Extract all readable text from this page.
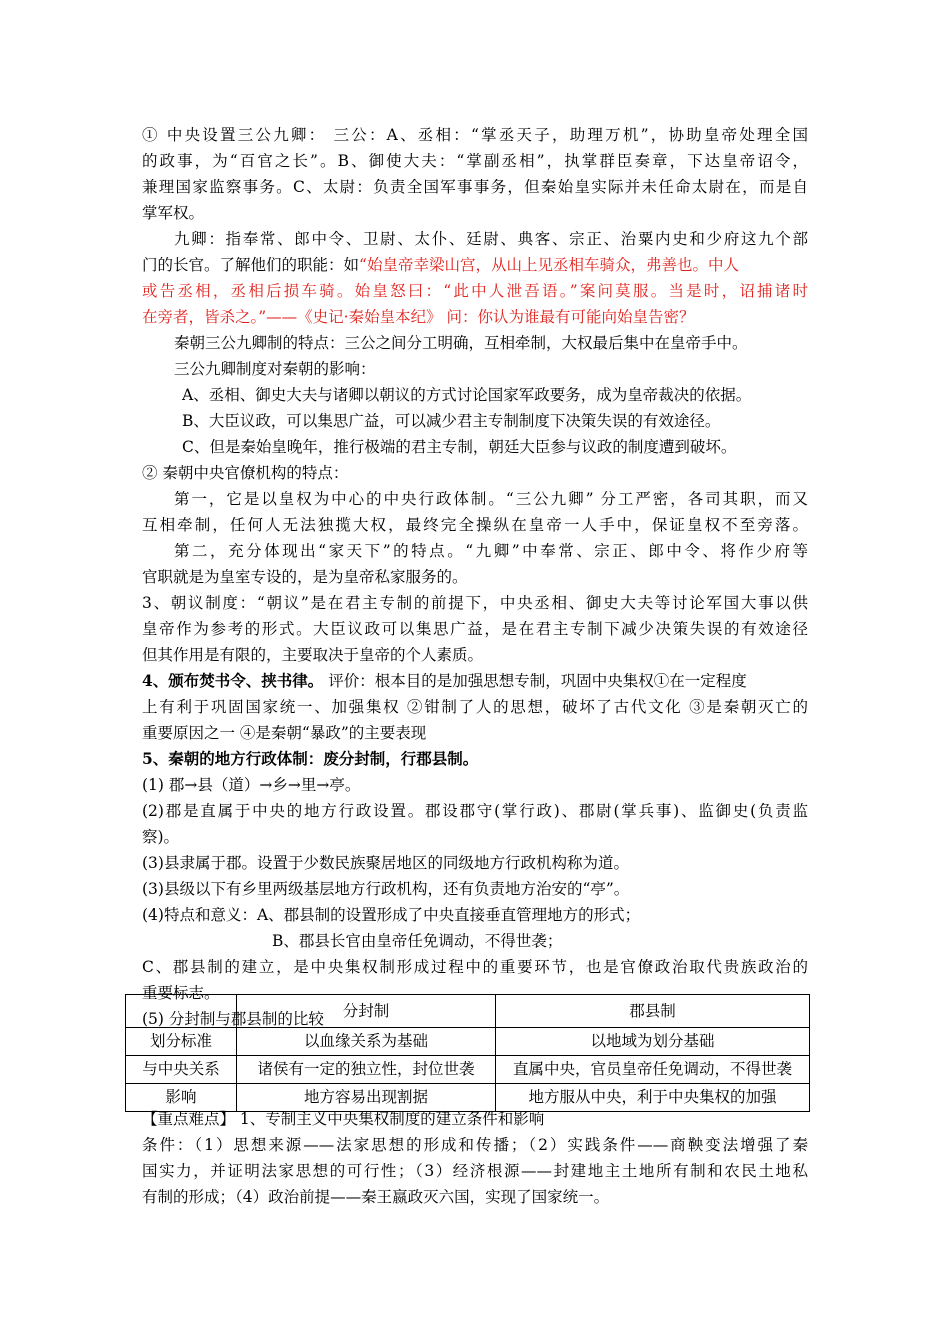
① 中央设置三公九卿： 三公：A、丞相：“掌丞天子，助理万机”，协助皇帝处理全国
的政事，为“百官之长”。B、御使大夫：“掌副丞相”，执掌群臣奏章，下达皇帝诏令，
兼理国家监察事务。C、太尉：负责全国军事事务，但秦始皇实际并未任命太尉在，而是自
掌军权。
九卿：指奉常、郎中令、卫尉、太仆、廷尉、典客、宗正、治粟内史和少府这九个部
门的长官。了解他们的职能：如“始皇帝幸梁山宫，从山上见丞相车骑众，弗善也。中人
或告丞相，丞相后损车骑。始皇怒曰：“此中人泄吾语。”案问莫服。当是时，诏捕诸时
在旁者，皆杀之。”——《史记·秦始皇本纪》 问：你认为谁最有可能向始皇告密？
秦朝三公九卿制的特点：三公之间分工明确，互相牵制，大权最后集中在皇帝手中。
三公九卿制度对秦朝的影响：
A、丞相、御史大夫与诸卿以朝议的方式讨论国家军政要务，成为皇帝裁决的依据。
B、大臣议政，可以集思广益，可以减少君主专制制度下决策失误的有效途径。
C、但是秦始皇晚年，推行极端的君主专制，朝廷大臣参与议政的制度遭到破坏。
② 秦朝中央官僚机构的特点：
第一，它是以皇权为中心的中央行政体制。“三公九卿” 分工严密，各司其职，而又
互相牵制，任何人无法独揽大权，最终完全操纵在皇帝一人手中，保证皇权不至旁落。
第二，充分体现出“家天下”的特点。“九卿”中奉常、宗正、郎中令、将作少府等
官职就是为皇室专设的，是为皇帝私家服务的。
3、朝议制度：“朝议”是在君主专制的前提下，中央丞相、御史大夫等讨论军国大事以供
皇帝作为参考的形式。大臣议政可以集思广益，是在君主专制下减少决策失误的有效途径
但其作用是有限的，主要取决于皇帝的个人素质。
4、颁布焚书令、挟书律。 评价：根本目的是加强思想专制，巩固中央集权①在一定程度
上有利于巩固国家统一、加强集权 ②钳制了人的思想，破坏了古代文化 ③是秦朝灭亡的
重要原因之一 ④是秦朝“暴政”的主要表现
5、秦朝的地方行政体制：废分封制，行郡县制。
(1) 郡→县（道）→乡→里→亭。
(2)郡是直属于中央的地方行政设置。郡设郡守(掌行政)、郡尉(掌兵事)、监御史(负责监
察)。
(3)县隶属于郡。设置于少数民族聚居地区的同级地方行政机构称为道。
(3)县级以下有乡里两级基层地方行政机构，还有负责地方治安的“亭”。
(4)特点和意义：A、郡县制的设置形成了中央直接垂直管理地方的形式；
B、郡县长官由皇帝任免调动，不得世袭；
C、郡县制的建立，是中央集权制形成过程中的重要环节，也是官僚政治取代贵族政治的
重要标志。
(5) 分封制与郡县制的比较
		分封制	郡县制
划分标准	以血缘关系为基础	以地域为划分基础
与中央关系	诸侯有一定的独立性，封位世袭	直属中央，官员皇帝任免调动，不得世袭
影响	地方容易出现割据	地方服从中央，利于中央集权的加强
【重点难点】 1、专制主义中央集权制度的建立条件和影响
条件：（1）思想来源——法家思想的形成和传播；（2）实践条件——商鞅变法增强了秦
国实力，并证明法家思想的可行性；（3）经济根源——封建地主土地所有制和农民土地私
有制的形成；（4）政治前提——秦王嬴政灭六国，实现了国家统一。
